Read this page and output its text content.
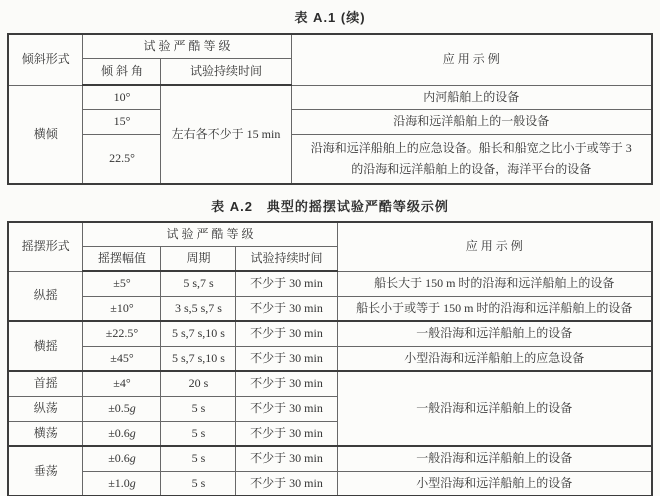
表 A.1 (续)
倾斜形式	试 验 严 酷 等 级		应 用 示 例
	倾 斜 角	试验持续时间	
横倾	10°	左右各不少于 15 min	内河船舶上的设备
	15°		沿海和远洋船舶上的一般设备
	22.5°		沿海和远洋船舶上的应急设备。船长和船宽之比小于或等于 3 的沿海和远洋船舶上的设备，海洋平台的设备
表 A.2　典型的摇摆试验严酷等级示例
摇摆形式	试 验 严 酷 等 级			应 用 示 例
	摇摆幅值	周期	试验持续时间	
纵摇	±5°	5 s,7 s	不少于 30 min	船长大于 150 m 时的沿海和远洋船舶上的设备
	±10°	3 s,5 s,7 s	不少于 30 min	船长小于或等于 150 m 时的沿海和远洋船舶上的设备
横摇	±22.5°	5 s,7 s,10 s	不少于 30 min	一般沿海和远洋船舶上的设备
	±45°	5 s,7 s,10 s	不少于 30 min	小型沿海和远洋船舶上的应急设备
首摇	±4°	20 s	不少于 30 min	一般沿海和远洋船舶上的设备
纵荡	±0.5g	5 s	不少于 30 min	
横荡	±0.6g	5 s	不少于 30 min	
垂荡	±0.6g	5 s	不少于 30 min	一般沿海和远洋船舶上的设备
	±1.0g	5 s	不少于 30 min	小型沿海和远洋船舶上的设备
